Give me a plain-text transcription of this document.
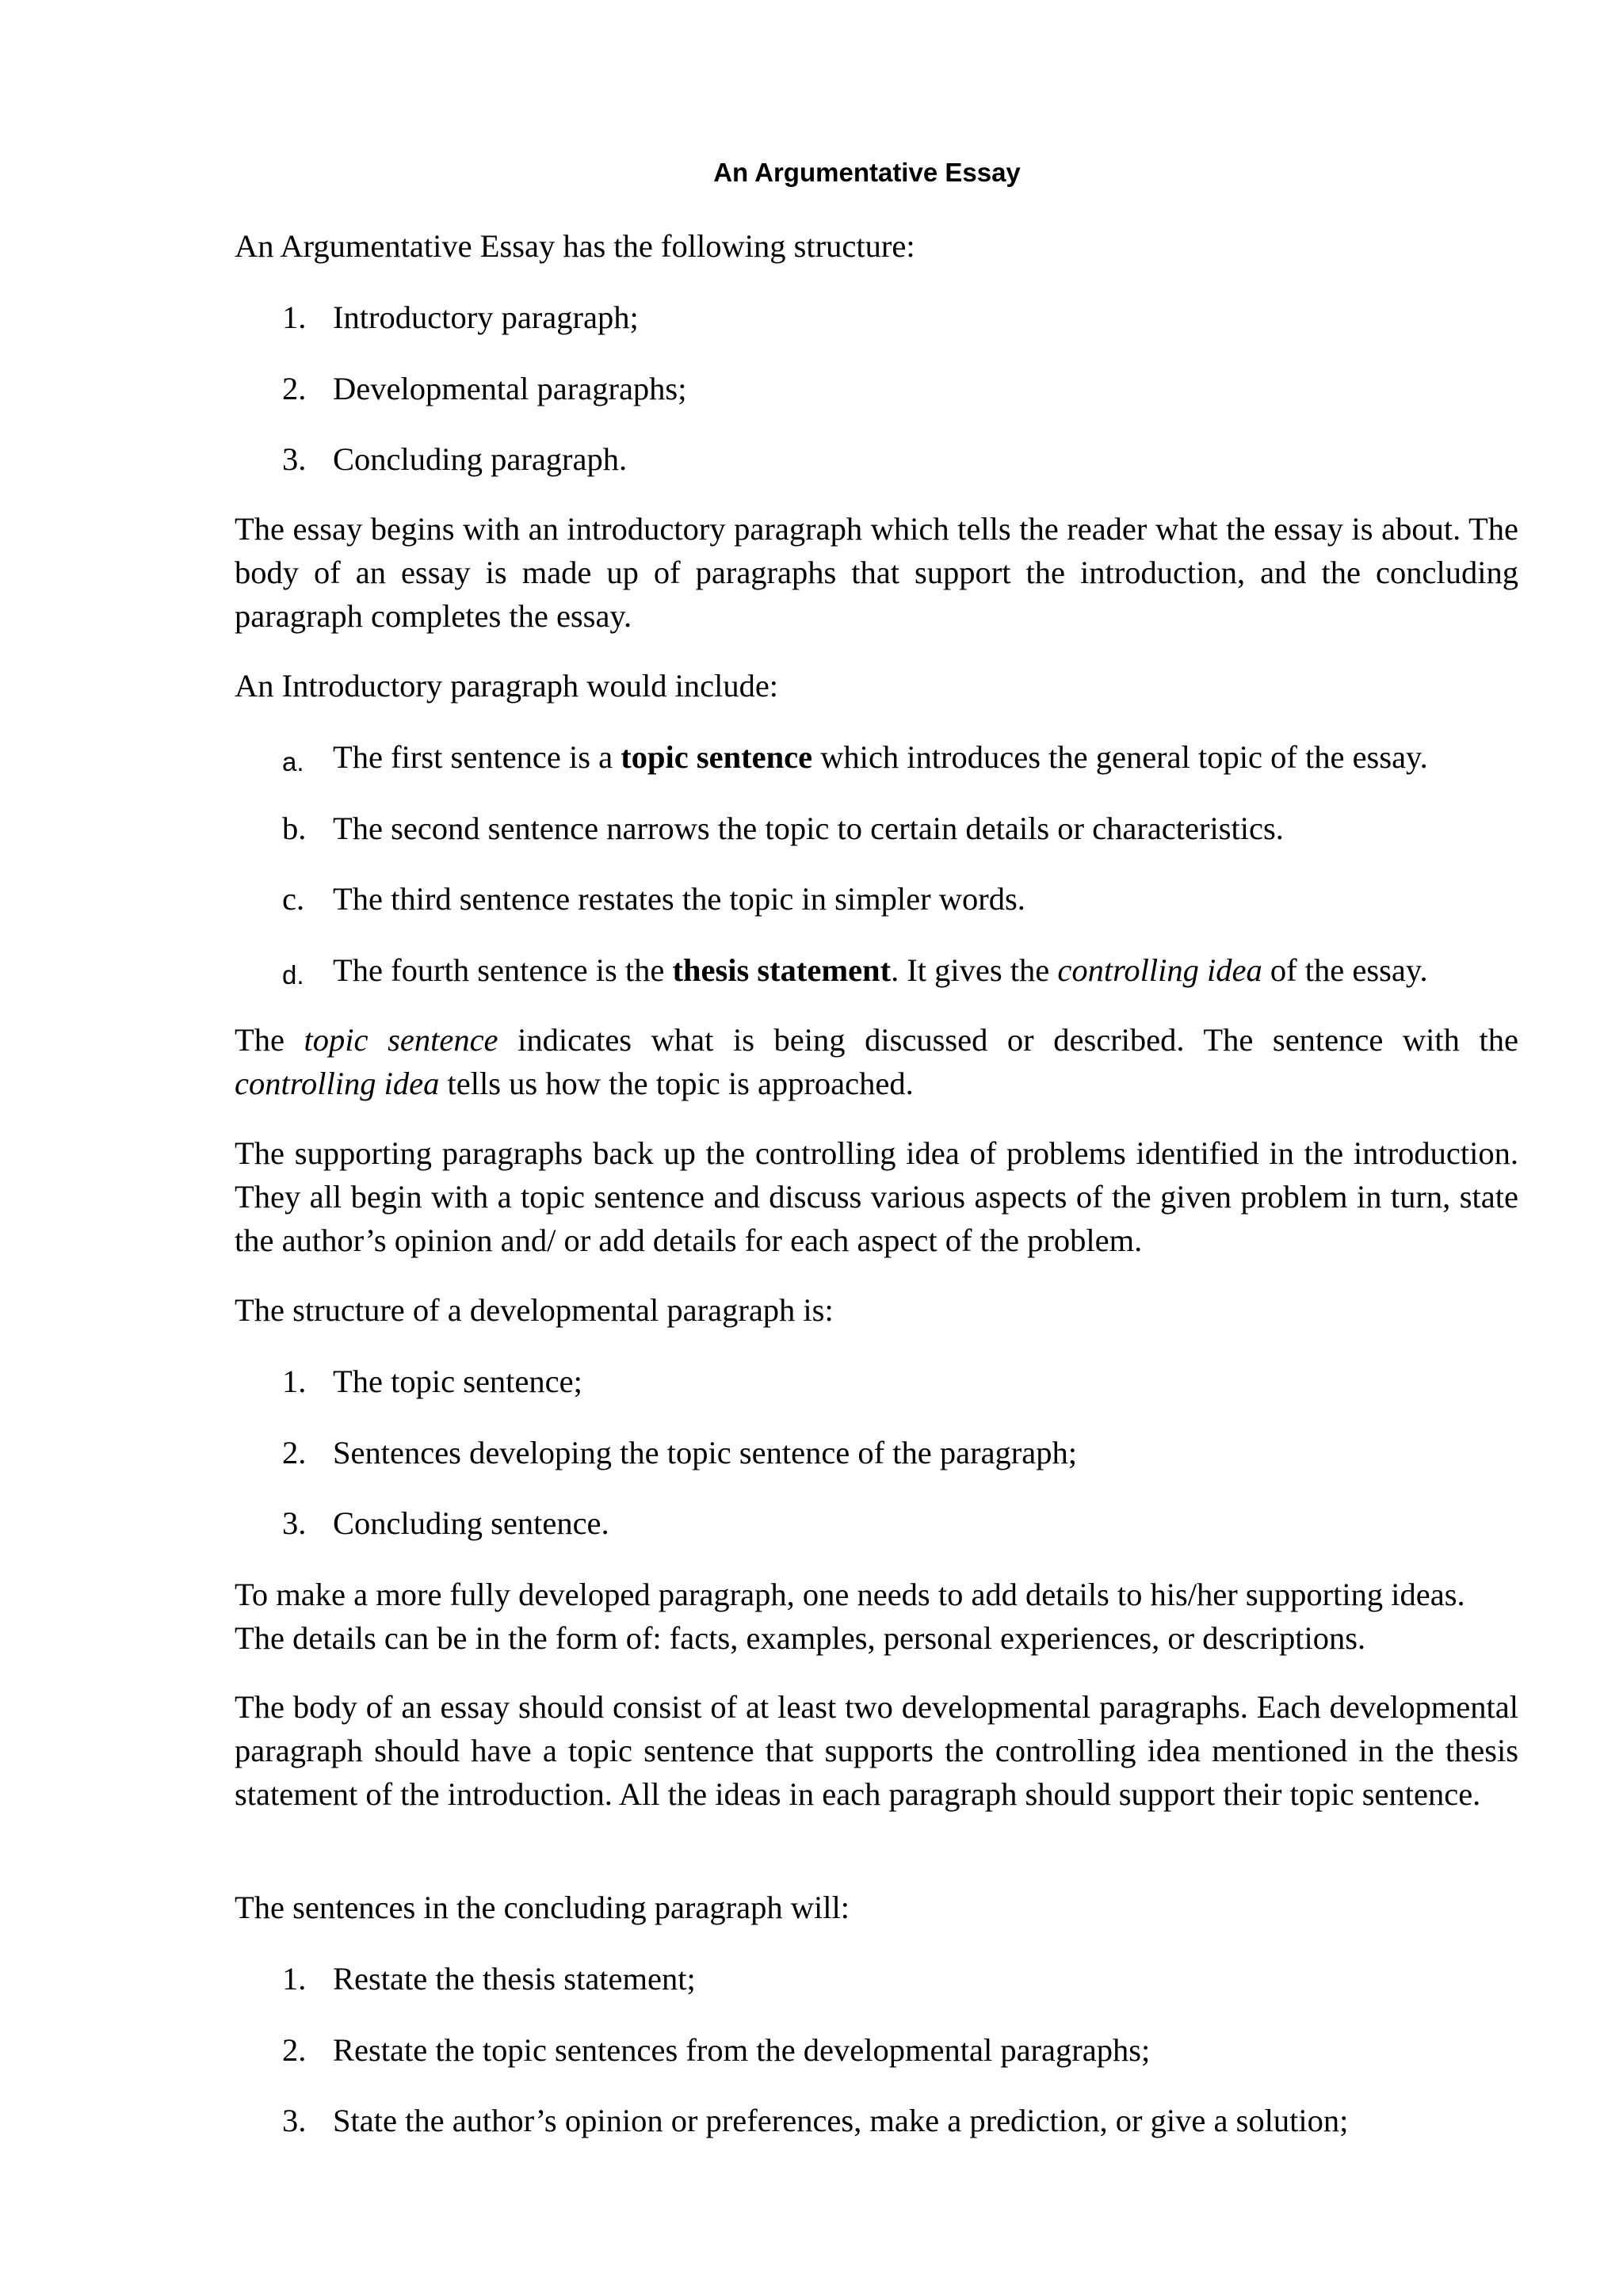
An Argumentative Essay

An Argumentative Essay has the following structure:

1. Introductory paragraph;
2. Developmental paragraphs;
3. Concluding paragraph.

The essay begins with an introductory paragraph which tells the reader what the essay is about. The body of an essay is made up of paragraphs that support the introduction, and the concluding paragraph completes the essay.

An Introductory paragraph would include:

a. The first sentence is a topic sentence which introduces the general topic of the essay.
b. The second sentence narrows the topic to certain details or characteristics.
c. The third sentence restates the topic in simpler words.
d. The fourth sentence is the thesis statement. It gives the controlling idea of the essay.

The topic sentence indicates what is being discussed or described. The sentence with the controlling idea tells us how the topic is approached.

The supporting paragraphs back up the controlling idea of problems identified in the introduction. They all begin with a topic sentence and discuss various aspects of the given problem in turn, state the author’s opinion and/ or add details for each aspect of the problem.

The structure of a developmental paragraph is:

1. The topic sentence;
2. Sentences developing the topic sentence of the paragraph;
3. Concluding sentence.
To make a more fully developed paragraph, one needs to add details to his/her supporting ideas.
The details can be in the form of: facts, examples, personal experiences, or descriptions.

The body of an essay should consist of at least two developmental paragraphs. Each developmental paragraph should have a topic sentence that supports the controlling idea mentioned in the thesis statement of the introduction. All the ideas in each paragraph should support their topic sentence.

The sentences in the concluding paragraph will:

1. Restate the thesis statement;
2. Restate the topic sentences from the developmental paragraphs;
3. State the author’s opinion or preferences, make a prediction, or give a solution;
